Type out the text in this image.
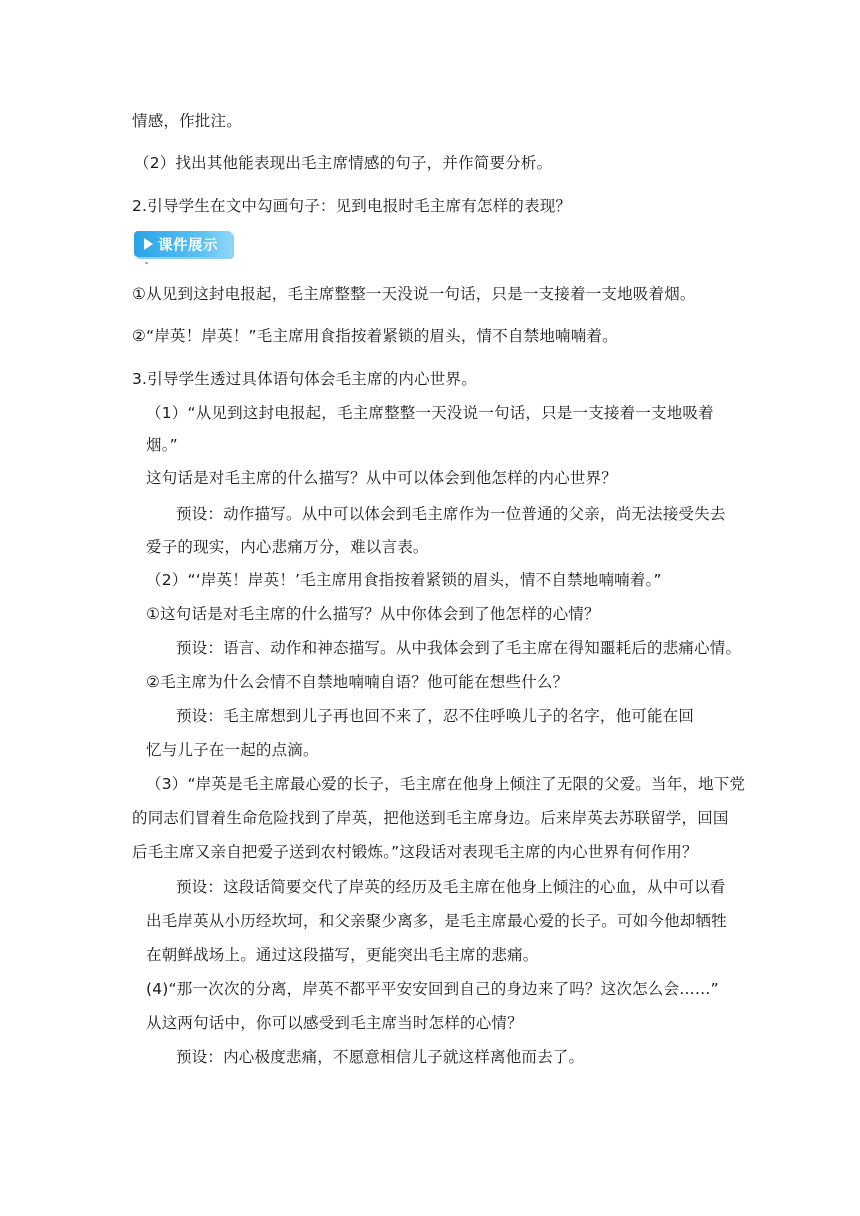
情感，作批注。
（2）找出其他能表现出毛主席情感的句子，并作简要分析。
2.引导学生在文中勾画句子：见到电报时毛主席有怎样的表现？
课件展示
①从见到这封电报起，毛主席整整一天没说一句话，只是一支接着一支地吸着烟。
②“岸英！岸英！”毛主席用食指按着紧锁的眉头，情不自禁地喃喃着。
3.引导学生透过具体语句体会毛主席的内心世界。
（1）“从见到这封电报起，毛主席整整一天没说一句话，只是一支接着一支地吸着
烟。”
这句话是对毛主席的什么描写？从中可以体会到他怎样的内心世界？
预设：动作描写。从中可以体会到毛主席作为一位普通的父亲，尚无法接受失去
爱子的现实，内心悲痛万分，难以言表。
（2）“‘岸英！岸英！’毛主席用食指按着紧锁的眉头，情不自禁地喃喃着。”
①这句话是对毛主席的什么描写？从中你体会到了他怎样的心情？
预设：语言、动作和神态描写。从中我体会到了毛主席在得知噩耗后的悲痛心情。
②毛主席为什么会情不自禁地喃喃自语？他可能在想些什么？
预设：毛主席想到儿子再也回不来了，忍不住呼唤儿子的名字，他可能在回
忆与儿子在一起的点滴。
（3）“岸英是毛主席最心爱的长子，毛主席在他身上倾注了无限的父爱。当年，地下党
的同志们冒着生命危险找到了岸英，把他送到毛主席身边。后来岸英去苏联留学，回国
后毛主席又亲自把爱子送到农村锻炼。”这段话对表现毛主席的内心世界有何作用？
预设：这段话简要交代了岸英的经历及毛主席在他身上倾注的心血，从中可以看
出毛岸英从小历经坎坷，和父亲聚少离多，是毛主席最心爱的长子。可如今他却牺牲
在朝鲜战场上。通过这段描写，更能突出毛主席的悲痛。
(4)“那一次次的分离，岸英不都平平安安回到自己的身边来了吗？这次怎么会……”
从这两句话中，你可以感受到毛主席当时怎样的心情？
预设：内心极度悲痛，不愿意相信儿子就这样离他而去了。
